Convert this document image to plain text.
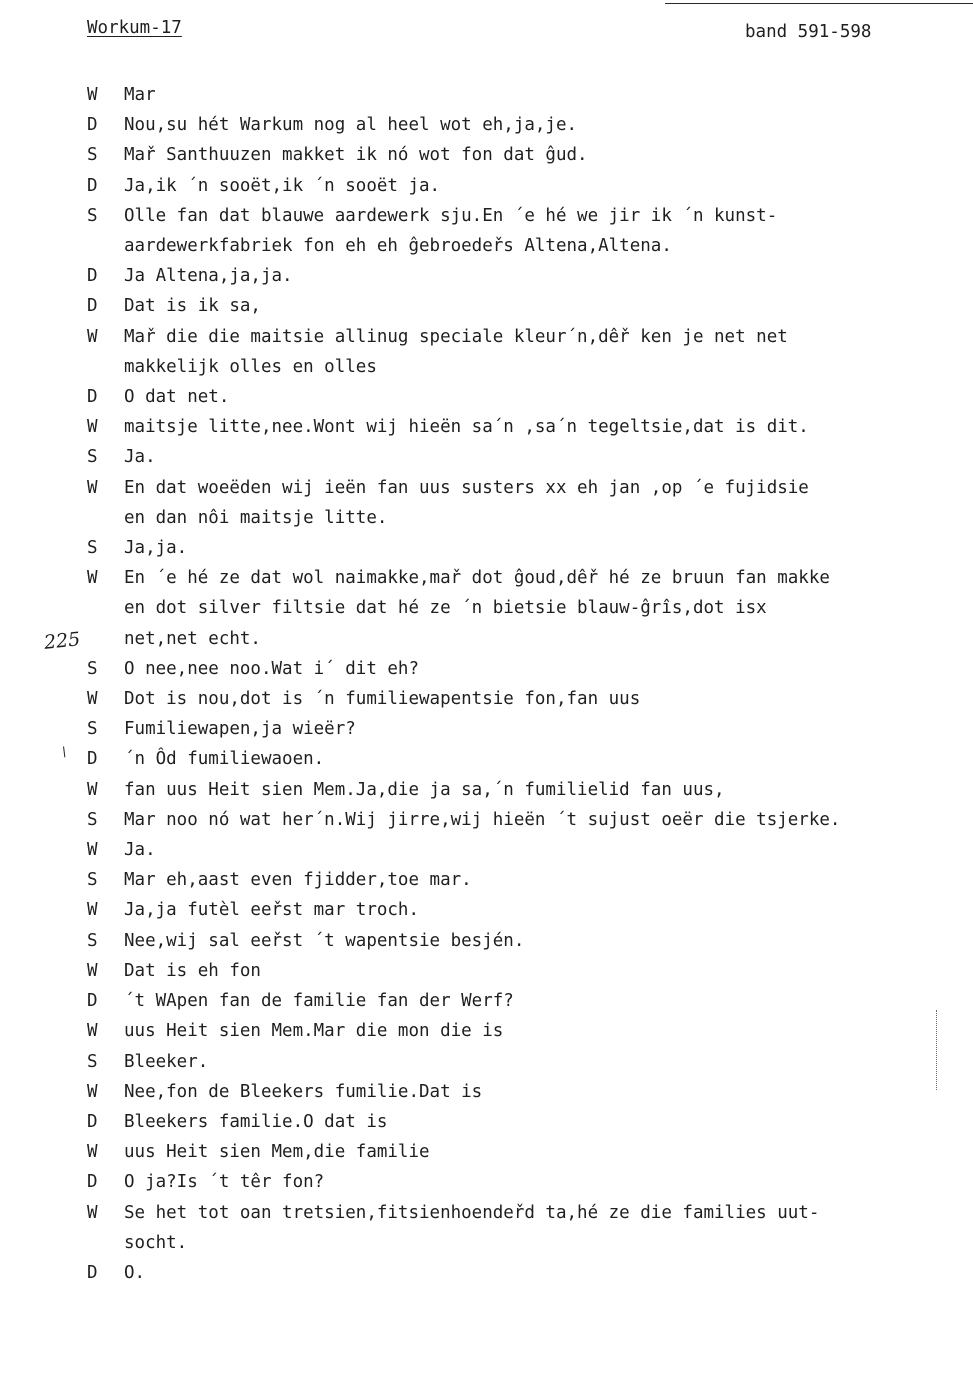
Workum-17	band 591-598
W	Mar
D	Nou,su hét Warkum nog al heel wot eh,ja,je.
S	Mař Santhuuzen makket ik nó wot fon dat ĝud.
D	Ja,ik ´n sooët,ik ´n sooët ja.
S	Olle fan dat blauwe aardewerk sju.En ´e hé we jir ik ´n kunst-
aardewerkfabriek fon eh eh ĝebroedeřs Altena,Altena.
D	Ja Altena,ja,ja.
D	Dat is ik sa,
W	Mař die die maitsie allinug speciale kleur´n,dêř ken je net net
makkelijk olles en olles
D	O dat net.
W	maitsje litte,nee.Wont wij hieën sa´n ,sa´n tegeltsie,dat is dit.
S	Ja.
W	En dat woeëden wij ieën fan uus susters xx eh jan ,op ´e fujidsie
en dan nôi maitsje litte.
S	Ja,ja.
W	En ´e hé ze dat wol naimakke,mař dot ĝoud,dêř hé ze bruun fan makke
en dot silver filtsie dat hé ze ´n bietsie blauw-ĝrîs,dot isx
net,net echt.
S	O nee,nee noo.Wat i´ dit eh?
W	Dot is nou,dot is ´n fumiliewapentsie fon,fan uus
S	Fumiliewapen,ja wieër?
D	´n Ôd fumiliewaoen.
W	fan uus Heit sien Mem.Ja,die ja sa,´n fumilielid fan uus,
S	Mar noo nó wat her´n.Wij jirre,wij hieën ´t sujust oeër die tsjerke.
W	Ja.
S	Mar eh,aast even fjidder,toe mar.
W	Ja,ja futèl eeřst mar troch.
S	Nee,wij sal eeřst ´t wapentsie besjén.
W	Dat is eh fon
D	´t WApen fan de familie fan der Werf?
W	uus Heit sien Mem.Mar die mon die is
S	Bleeker.
W	Nee,fon de Bleekers fumilie.Dat is
D	Bleekers familie.O dat is
W	uus Heit sien Mem,die familie
D	O ja?Is ´t têr fon?
W	Se het tot oan tretsien,fitsienhoendeřd ta,hé ze die families uut-
socht.
D	O.
225
\
